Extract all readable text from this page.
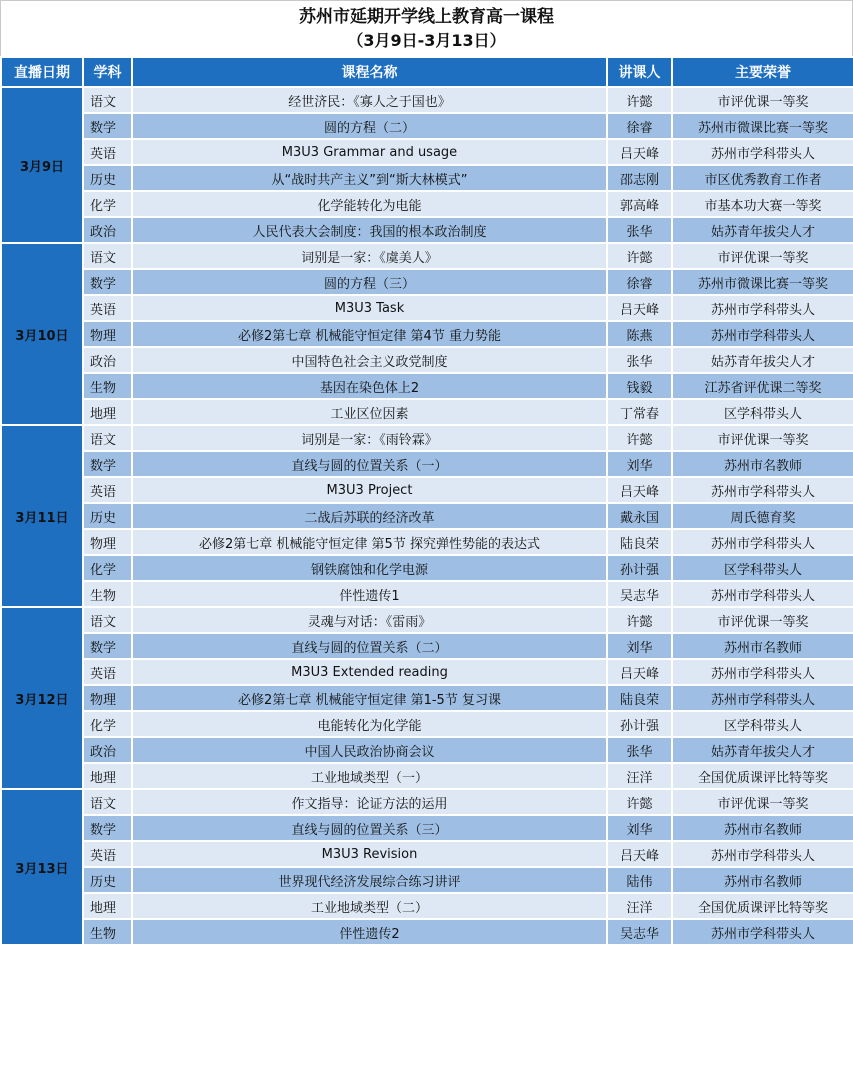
苏州市延期开学线上教育高一课程
（3月9日-3月13日）
直播日期	学科	课程名称	讲课人	主要荣誉
3月9日	语文	经世济民：《寡人之于国也》	许懿	市评优课一等奖
	数学	圆的方程（二）	徐睿	苏州市微课比赛一等奖
	英语	M3U3 Grammar and usage	吕天峰	苏州市学科带头人
	历史	从“战时共产主义”到“斯大林模式”	邵志刚	市区优秀教育工作者
	化学	化学能转化为电能	郭高峰	市基本功大赛一等奖
	政治	人民代表大会制度：我国的根本政治制度	张华	姑苏青年拔尖人才
3月10日	语文	词别是一家：《虞美人》	许懿	市评优课一等奖
	数学	圆的方程（三）	徐睿	苏州市微课比赛一等奖
	英语	M3U3 Task	吕天峰	苏州市学科带头人
	物理	必修2第七章 机械能守恒定律 第4节 重力势能	陈燕	苏州市学科带头人
	政治	中国特色社会主义政党制度	张华	姑苏青年拔尖人才
	生物	基因在染色体上2	钱毅	江苏省评优课二等奖
	地理	工业区位因素	丁常春	区学科带头人
3月11日	语文	词别是一家：《雨铃霖》	许懿	市评优课一等奖
	数学	直线与圆的位置关系（一）	刘华	苏州市名教师
	英语	M3U3 Project	吕天峰	苏州市学科带头人
	历史	二战后苏联的经济改革	戴永国	周氏德育奖
	物理	必修2第七章 机械能守恒定律 第5节 探究弹性势能的表达式	陆良荣	苏州市学科带头人
	化学	钢铁腐蚀和化学电源	孙计强	区学科带头人
	生物	伴性遗传1	吴志华	苏州市学科带头人
3月12日	语文	灵魂与对话：《雷雨》	许懿	市评优课一等奖
	数学	直线与圆的位置关系（二）	刘华	苏州市名教师
	英语	M3U3 Extended reading	吕天峰	苏州市学科带头人
	物理	必修2第七章 机械能守恒定律 第1-5节 复习课	陆良荣	苏州市学科带头人
	化学	电能转化为化学能	孙计强	区学科带头人
	政治	中国人民政治协商会议	张华	姑苏青年拔尖人才
	地理	工业地域类型（一）	汪洋	全国优质课评比特等奖
3月13日	语文	作文指导：论证方法的运用	许懿	市评优课一等奖
	数学	直线与圆的位置关系（三）	刘华	苏州市名教师
	英语	M3U3 Revision	吕天峰	苏州市学科带头人
	历史	世界现代经济发展综合练习讲评	陆伟	苏州市名教师
	地理	工业地域类型（二）	汪洋	全国优质课评比特等奖
	生物	伴性遗传2	吴志华	苏州市学科带头人
